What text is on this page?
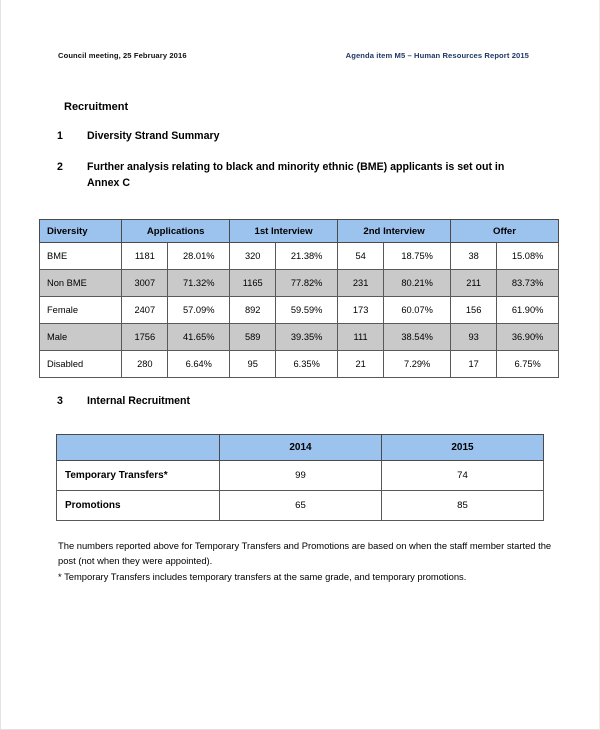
Council meeting, 25 February 2016	Agenda item M5 – Human Resources Report 2015
Recruitment
1	Diversity Strand Summary
2	Further analysis relating to black and minority ethnic (BME) applicants is set out in Annex C
Diversity	Applications		1st Interview		2nd Interview		Offer	
BME	1181	28.01%	320	21.38%	54	18.75%	38	15.08%
Non BME	3007	71.32%	1165	77.82%	231	80.21%	211	83.73%
Female	2407	57.09%	892	59.59%	173	60.07%	156	61.90%
Male	1756	41.65%	589	39.35%	111	38.54%	93	36.90%
Disabled	280	6.64%	95	6.35%	21	7.29%	17	6.75%
3	Internal Recruitment
	2014	2015
Temporary Transfers*	99	74
Promotions	65	85
The numbers reported above for Temporary Transfers and Promotions are based on when the staff member started the post (not when they were appointed).
* Temporary Transfers includes temporary transfers at the same grade, and temporary promotions.
